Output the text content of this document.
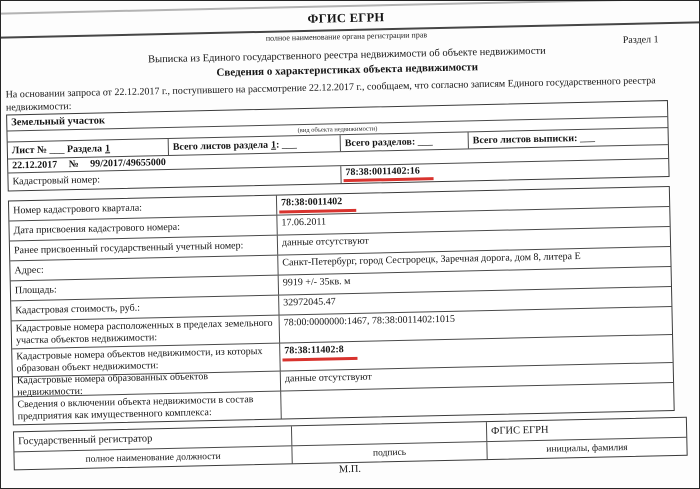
ФГИС ЕГРН
полное наименование органа регистрации прав	Раздел 1
Выписка из Единого государственного реестра недвижимости об объекте недвижимости
Сведения о характеристиках объекта недвижимости
На основании запроса от 22.12.2017 г., поступившего на рассмотрение 22.12.2017 г., сообщаем, что согласно записям Единого государственного реестра недвижимости:
Земельный участок
(вид объекта недвижимости)
Лист № ___ Раздела 1	Всего листов раздела 1 : ___	Всего разделов: ___	Всего листов выписки: ___
22.12.2017 № 99/2017/49655000
Кадастровый номер:
78:38:0011402:16
Номер кадастрового квартала:	78:38:0011402
Дата присвоения кадастрового номера:	17.06.2011
Ранее присвоенный государственный учетный номер:	данные отсутствуют
Адрес:
Санкт-Петербург, город Сестрорецк, Заречная дорога, дом 8, литера Е
Площадь:
9919 +/- 35кв. м
Кадастровая стоимость, руб.:	32972045.47
Кадастровые номера расположенных в пределах земельного участка объектов недвижимости:
78:00:0000000:1467, 78:38:0011402:1015
Кадастровые номера объектов недвижимости, из которых образован объект недвижимости:
78:38:11402:8
Кадастровые номера образованных объектов недвижимости:
данные отсутствуют
Сведения о включении объекта недвижимости в состав предприятия как имущественного комплекса:
Государственный регистратор
ФГИС ЕГРН
полное наименование должности	подпись	инициалы, фамилия
М.П.
